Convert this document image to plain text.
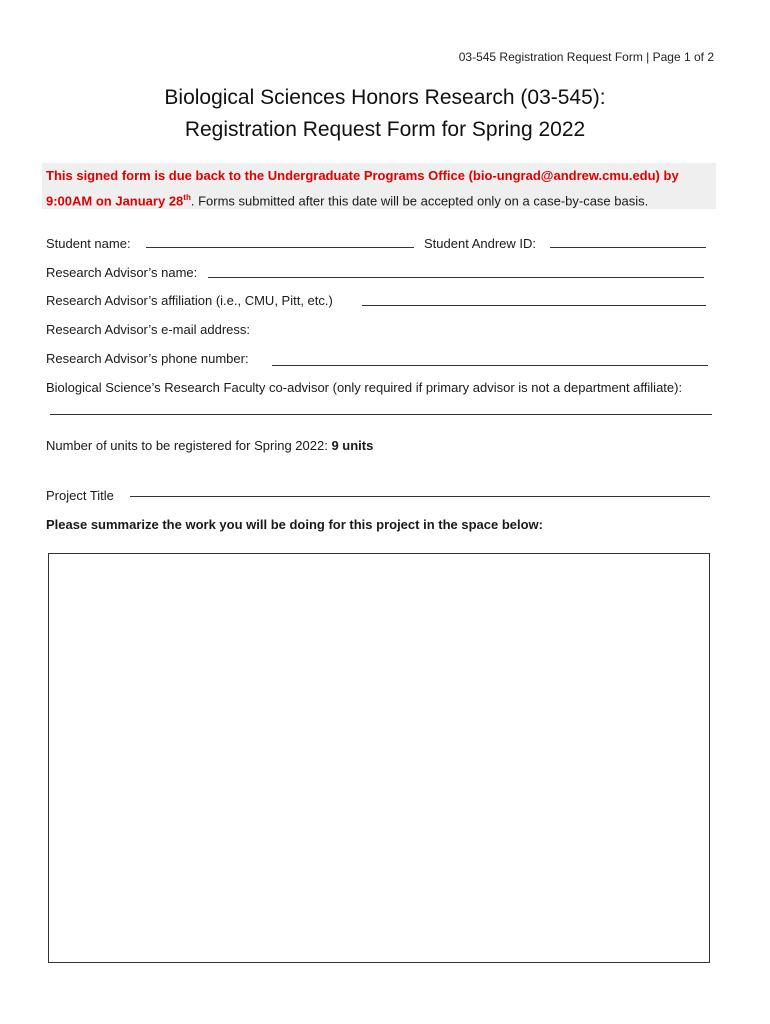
03-545 Registration Request Form | Page 1 of 2
Biological Sciences Honors Research (03-545):
Registration Request Form for Spring 2022
This signed form is due back to the Undergraduate Programs Office (bio-ungrad@andrew.cmu.edu) by
9:00AM on January 28th. Forms submitted after this date will be accepted only on a case-by-case basis.
Student name:	Student Andrew ID:
Research Advisor’s name:
Research Advisor’s affiliation (i.e., CMU, Pitt, etc.)
Research Advisor’s e-mail address:
Research Advisor’s phone number:
Biological Science’s Research Faculty co-advisor (only required if primary advisor is not a department affiliate):
Number of units to be registered for Spring 2022: 9 units
Project Title
Please summarize the work you will be doing for this project in the space below:
